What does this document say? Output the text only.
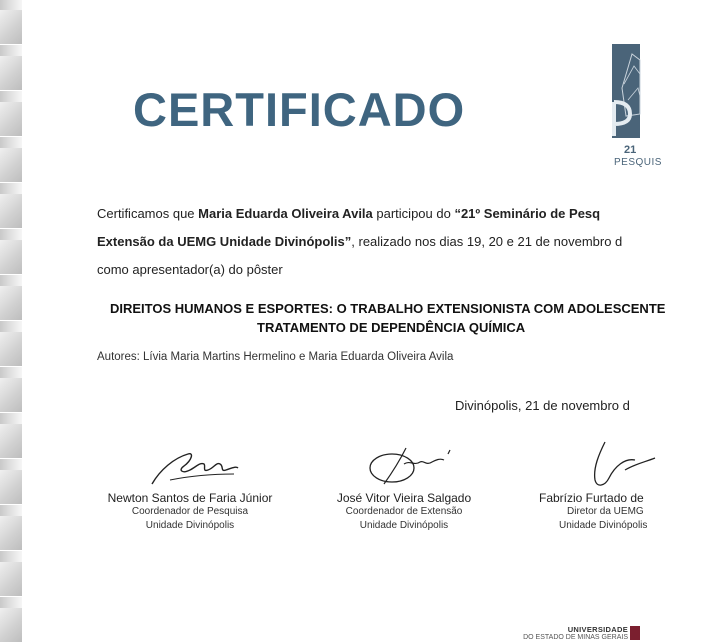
CERTIFICADO
21
PESQUIS

Certificamos que Maria Eduarda Oliveira Avila participou do “21º Seminário de Pesq
Extensão da UEMG Unidade Divinópolis”, realizado nos dias 19, 20 e 21 de novembro d
como apresentador(a) do pôster

DIREITOS HUMANOS E ESPORTES: O TRABALHO EXTENSIONISTA COM ADOLESCENTE
TRATAMENTO DE DEPENDÊNCIA QUÍMICA

Autores: Lívia Maria Martins Hermelino e Maria Eduarda Oliveira Avila
Divinópolis, 21 de novembro d
Newton Santos de Faria Júnior
Coordenador de Pesquisa
Unidade Divinópolis
José Vitor Vieira Salgado
Coordenador de Extensão
Unidade Divinópolis
Fabrízio Furtado de
Diretor da UEMG
Unidade Divinópolis
UNIVERSIDADE
DO ESTADO DE MINAS GERAIS
